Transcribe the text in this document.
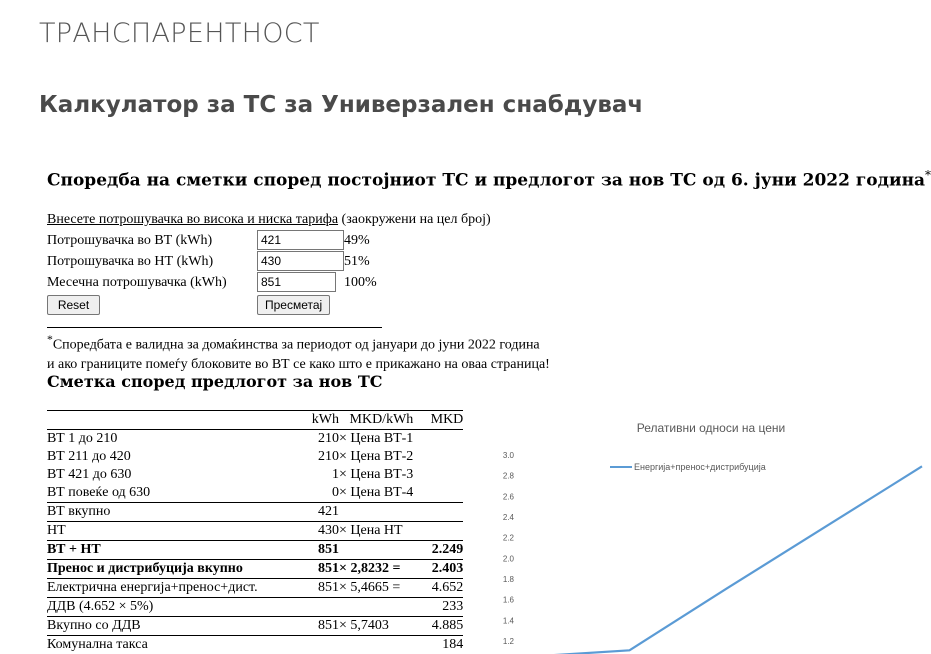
ТРАНСПАРЕНТНОСТ
Калкулатор за ТС за Универзален снабдувач
Споредба на сметки според постојниот ТС и предлогот за нов ТС од 6. јуни 2022 година*
Внесете потрошувачка во висока и ниска тарифа (заокружени на цел број)
Потрошувачка во ВТ (kWh)
421	49%
Потрошувачка во НТ (kWh)
430	51%
Месечна потрошувачка (kWh)
851	100%
Reset	Пресметај
*Споредбата е валидна за домаќинства за периодот од јануари до јуни 2022 година
и ако границите помеѓу блоковите во ВТ се како што е прикажано на оваа страница!
Сметка според предлогот за нов ТС
	kWh	MKD/kWh	MKD
ВТ 1 до 210	210	× Цена ВТ-1	
ВТ 211 до 420	210	× Цена ВТ-2	
ВТ 421 до 630	1	× Цена ВТ-3	
ВТ повеќе од 630	0	× Цена ВТ-4	
ВТ вкупно	421		
НТ	430	× Цена НТ	
ВТ + НТ	851		2.249
Пренос и дистрибуција вкупно	851	× 2,8232 =	2.403
Електрична енергија+пренос+дист.	851	× 5,4665 =	4.652
ДДВ (4.652 × 5%)			233
Вкупно со ДДВ	851	× 5,7403	4.885
Комунална такса			184
Релативни односи на цени
1.2
1.4
1.6
1.8
2.0
2.2
2.4
2.6
2.8
3.0
Енергија+пренос+дистрибуција
